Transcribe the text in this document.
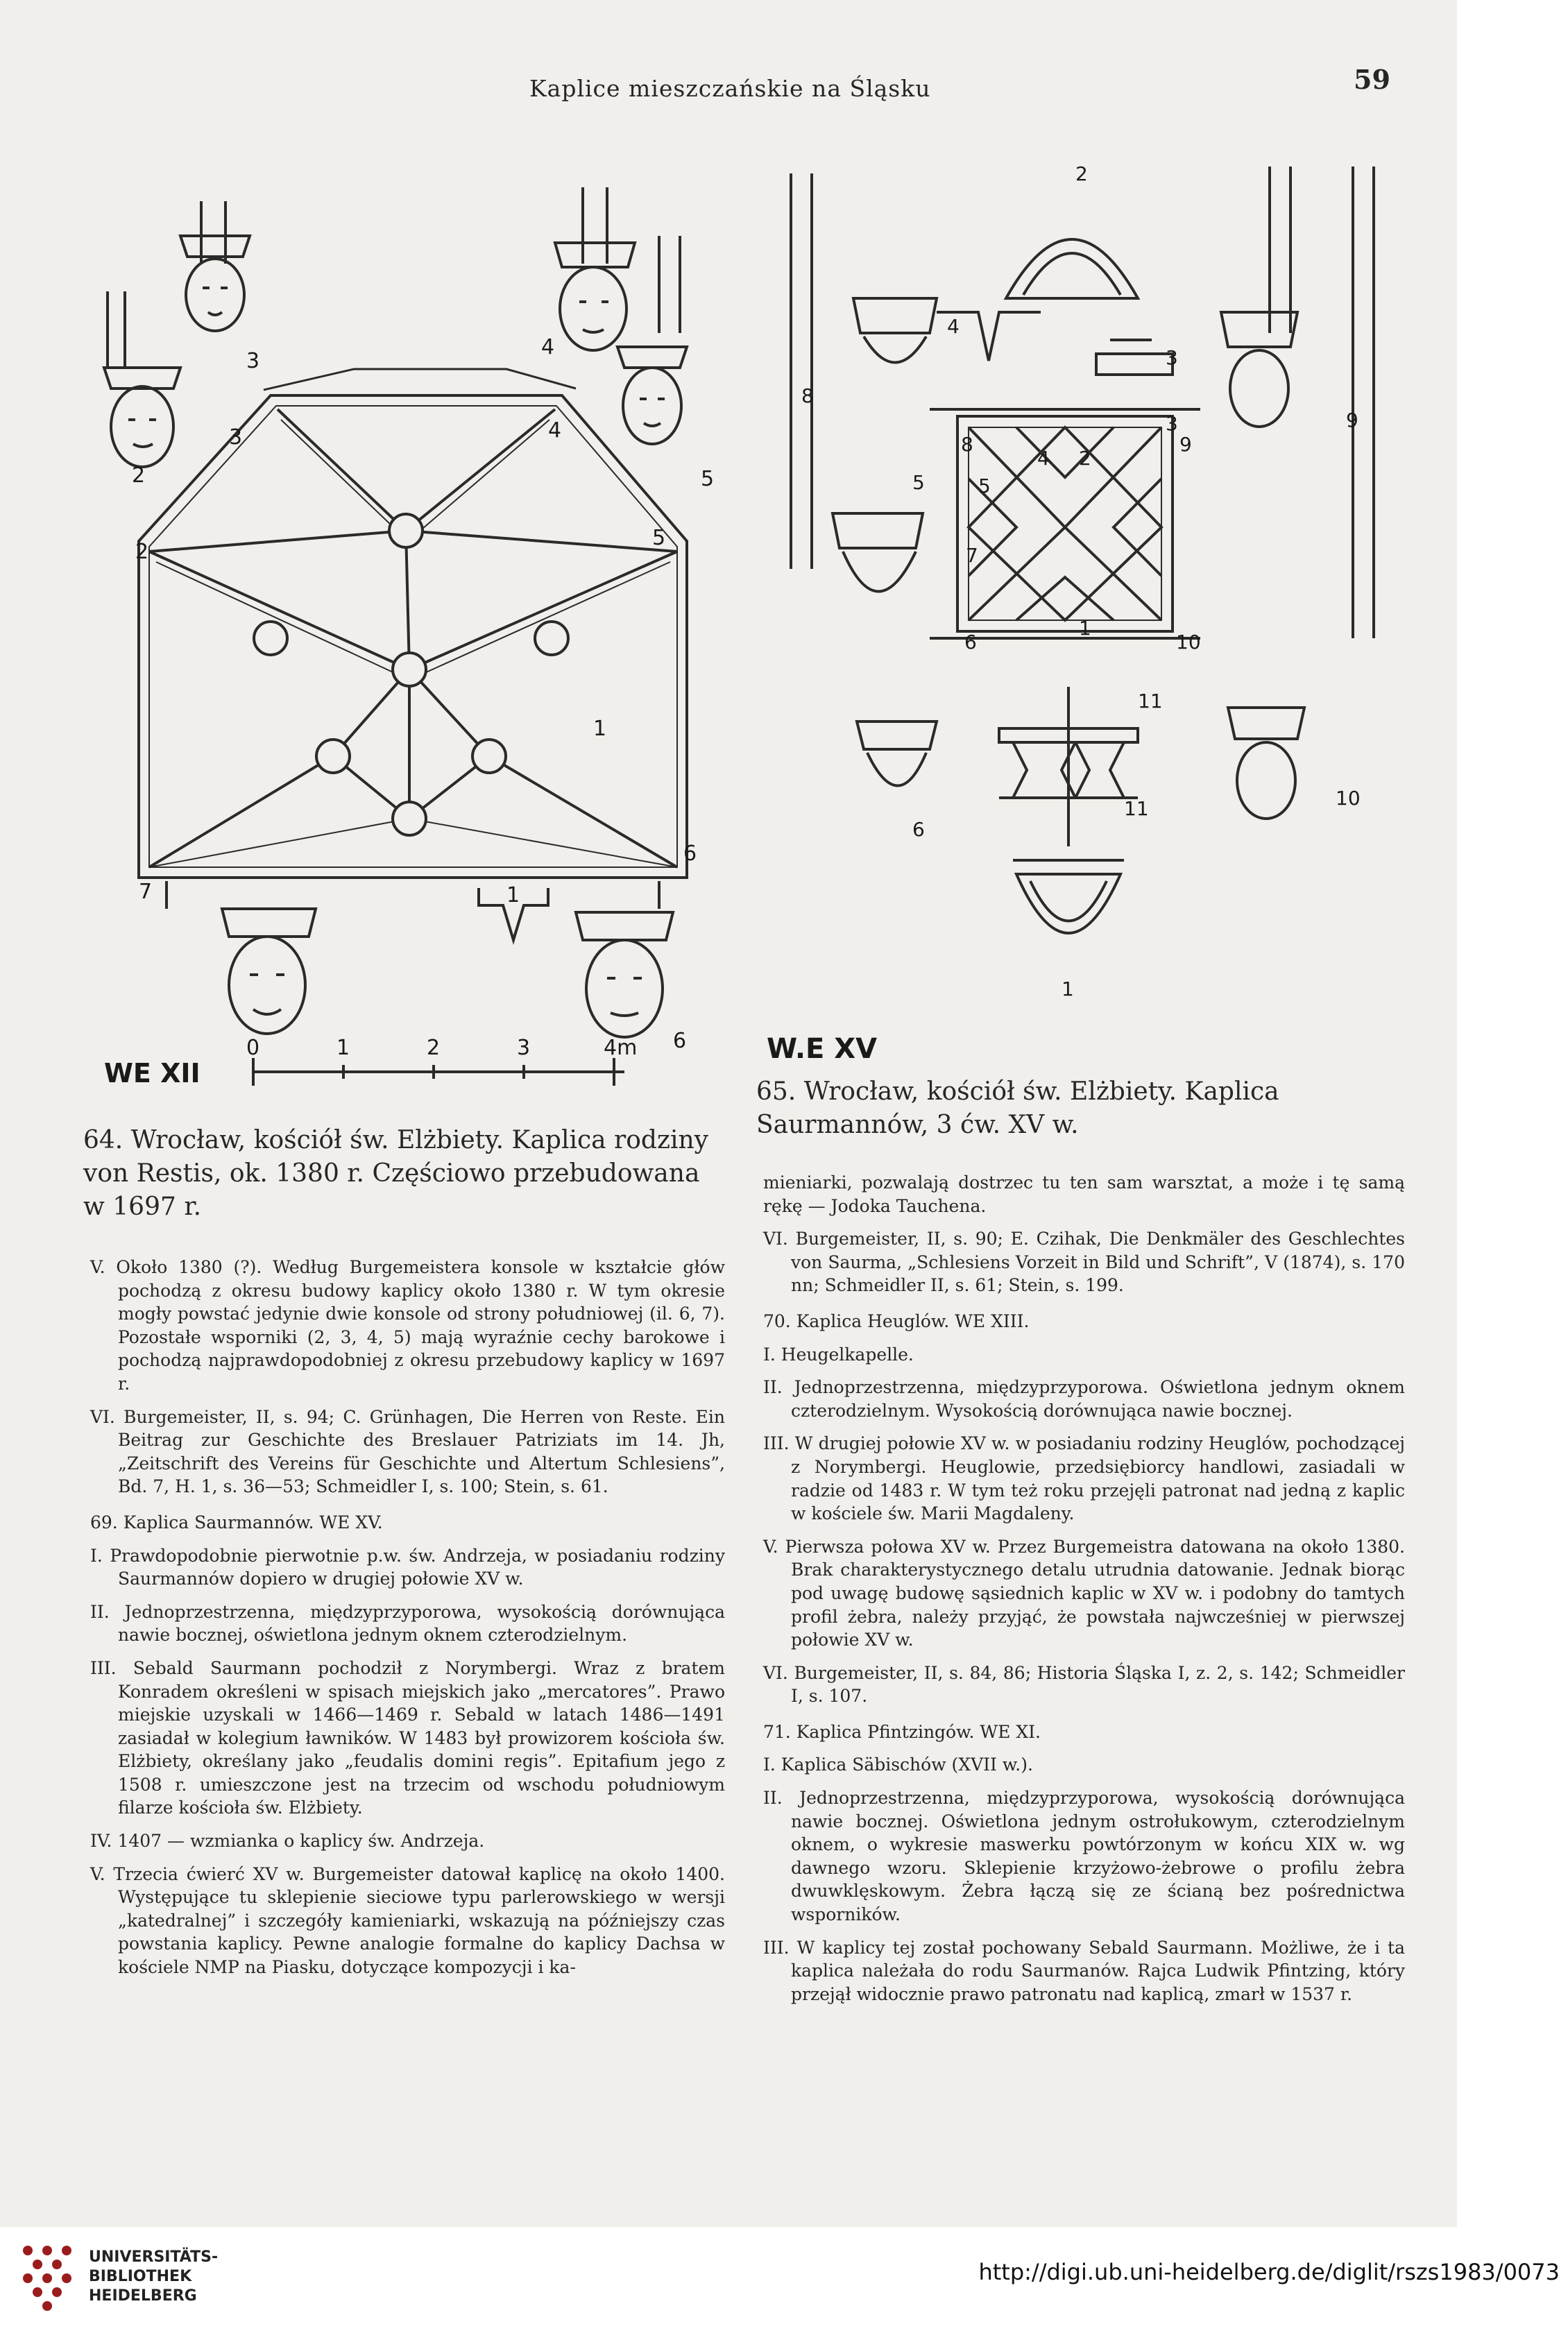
Kaplice mieszczańskie na Śląsku	59
WE XII
0	1	2	3	4m
1
2
2
3
3
4
4
5
5
6
6
7	1
W.E XV
2
3
4
8
9
8	9
4 2
3
5	5
7
1
6	10
11
11	10
6
1
64. Wrocław, kościół św. Elżbiety. Kaplica rodziny von Restis, ok. 1380 r. Częściowo przebudowana w 1697 r.
65. Wrocław, kościół św. Elżbiety. Kaplica Saurmannów, 3 ćw. XV w.

V. Około 1380 (?). Według Burgemeistera konsole w kształcie głów pochodzą z okresu budowy kaplicy około 1380 r. W tym okresie mogły powstać jedynie dwie konsole od strony południowej (il. 6, 7). Pozostałe wsporniki (2, 3, 4, 5) mają wyraźnie cechy barokowe i pochodzą najprawdopodobniej z okresu przebudowy kaplicy w 1697 r.

VI. Burgemeister, II, s. 94; C. Grünhagen, Die Herren von Reste. Ein Beitrag zur Geschichte des Breslauer Patriziats im 14. Jh, „Zeitschrift des Vereins für Geschichte und Altertum Schlesiens”, Bd. 7, H. 1, s. 36—53; Schmeidler I, s. 100; Stein, s. 61.

69. Kaplica Saurmannów. WE XV.

I. Prawdopodobnie pierwotnie p.w. św. Andrzeja, w posiadaniu rodziny Saurmannów dopiero w drugiej połowie XV w.

II. Jednoprzestrzenna, międzyprzyporowa, wysokością dorównująca nawie bocznej, oświetlona jednym oknem czterodzielnym.

III. Sebald Saurmann pochodził z Norymbergi. Wraz z bratem Konradem określeni w spisach miejskich jako „mercatores”. Prawo miejskie uzyskali w 1466—1469 r. Sebald w latach 1486—1491 zasiadał w kolegium ławników. W 1483 był prowizorem kościoła św. Elżbiety, określany jako „feudalis domini regis”. Epitafium jego z 1508 r. umieszczone jest na trzecim od wschodu południowym filarze kościoła św. Elżbiety.

IV. 1407 — wzmianka o kaplicy św. Andrzeja.

V. Trzecia ćwierć XV w. Burgemeister datował kaplicę na około 1400. Występujące tu sklepienie sieciowe typu parlerowskiego w wersji „katedralnej” i szczegóły kamieniarki, wskazują na późniejszy czas powstania kaplicy. Pewne analogie formalne do kaplicy Dachsa w kościele NMP na Piasku, dotyczące kompozycji i ka-

mieniarki, pozwalają dostrzec tu ten sam warsztat, a może i tę samą rękę — Jodoka Tauchena.

VI. Burgemeister, II, s. 90; E. Czihak, Die Denkmäler des Geschlechtes von Saurma, „Schlesiens Vorzeit in Bild und Schrift”, V (1874), s. 170 nn; Schmeidler II, s. 61; Stein, s. 199.

70. Kaplica Heuglów. WE XIII.

I. Heugelkapelle.

II. Jednoprzestrzenna, międzyprzyporowa. Oświetlona jednym oknem czterodzielnym. Wysokością dorównująca nawie bocznej.

III. W drugiej połowie XV w. w posiadaniu rodziny Heuglów, pochodzącej z Norymbergi. Heuglowie, przedsiębiorcy handlowi, zasiadali w radzie od 1483 r. W tym też roku przejęli patronat nad jedną z kaplic w kościele św. Marii Magdaleny.

V. Pierwsza połowa XV w. Przez Burgemeistra datowana na około 1380. Brak charakterystycznego detalu utrudnia datowanie. Jednak biorąc pod uwagę budowę sąsiednich kaplic w XV w. i podobny do tamtych profil żebra, należy przyjąć, że powstała najwcześniej w pierwszej połowie XV w.

VI. Burgemeister, II, s. 84, 86; Historia Śląska I, z. 2, s. 142; Schmeidler I, s. 107.

71. Kaplica Pfintzingów. WE XI.

I. Kaplica Säbischów (XVII w.).

II. Jednoprzestrzenna, międzyprzyporowa, wysokością dorównująca nawie bocznej. Oświetlona jednym ostrołukowym, czterodzielnym oknem, o wykresie maswerku powtórzonym w końcu XIX w. wg dawnego wzoru. Sklepienie krzyżowo-żebrowe o profilu żebra dwuwklęskowym. Żebra łączą się ze ścianą bez pośrednictwa wsporników.

III. W kaplicy tej został pochowany Sebald Saurmann. Możliwe, że i ta kaplica należała do rodu Saurmanów. Rajca Ludwik Pfintzing, który przejął widocznie prawo patronatu nad kaplicą, zmarł w 1537 r.

UNIVERSITÄTS-
BIBLIOTHEK
HEIDELBERG
http://digi.ub.uni-heidelberg.de/diglit/rszs1983/0073
